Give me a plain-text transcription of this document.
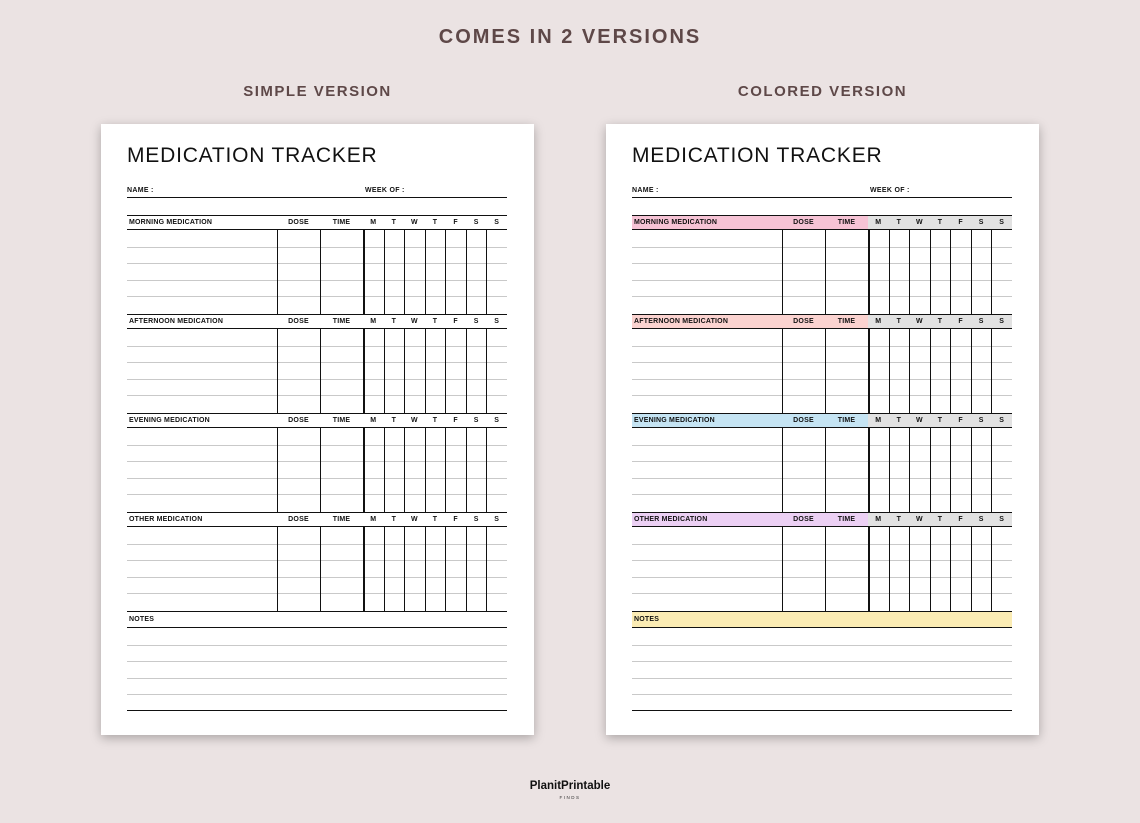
COMES IN 2 VERSIONS
SIMPLE VERSION	COLORED VERSION
MEDICATION TRACKER
NAME :	WEEK OF :
MORNING MEDICATION	DOSE	TIME	M	T	W	T	F	S	S
AFTERNOON MEDICATION	DOSE	TIME	M	T	W	T	F	S	S
EVENING MEDICATION	DOSE	TIME	M	T	W	T	F	S	S
OTHER MEDICATION	DOSE	TIME	M	T	W	T	F	S	S
NOTES
MEDICATION TRACKER
NAME :	WEEK OF :
MORNING MEDICATION	DOSE	TIME	M	T	W	T	F	S	S
AFTERNOON MEDICATION	DOSE	TIME	M	T	W	T	F	S	S
EVENING MEDICATION	DOSE	TIME	M	T	W	T	F	S	S
OTHER MEDICATION	DOSE	TIME	M	T	W	T	F	S	S
NOTES
PlanitPrintable
FINDS
